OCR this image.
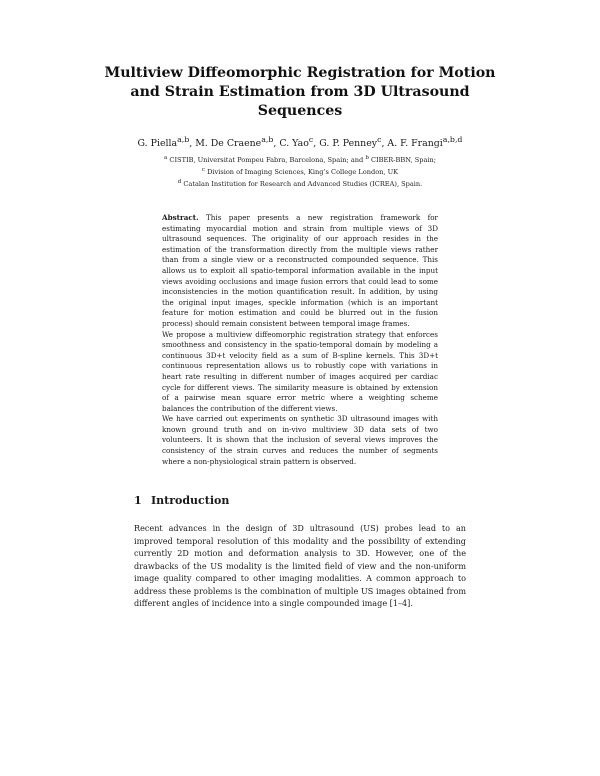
Multiview Diffeomorphic Registration for Motion and Strain Estimation from 3D Ultrasound Sequences
G. Piella$^{a,b}$, M. De Craene$^{a,b}$, C. Yao$^c$, G. P. Penney$^c$, A. F. Frangi$^{a,b,d}$
$^a$ CISTIB, Universitat Pompeu Fabra, Barcelona, Spain; and $^b$ CIBER-BBN, Spain;
$^c$ Division of Imaging Sciences, King’s College London, UK
$^d$ Catalan Institution for Research and Advanced Studies (ICREA), Spain.

Abstract. This paper presents a new registration framework for estimating myocardial motion and strain from multiple views of 3D ultrasound sequences. The originality of our approach resides in the estimation of the transformation directly from the multiple views rather than from a single view or a reconstructed compounded sequence. This allows us to exploit all spatio-temporal information available in the input views avoiding occlusions and image fusion errors that could lead to some inconsistencies in the motion quantification result. In addition, by using the original input images, speckle information (which is an important feature for motion estimation and could be blurred out in the fusion process) should remain consistent between temporal image frames.

We propose a multiview diffeomorphic registration strategy that enforces smoothness and consistency in the spatio-temporal domain by modeling a continuous 3D+t velocity field as a sum of B-spline kernels. This 3D+t continuous representation allows us to robustly cope with variations in heart rate resulting in different number of images acquired per cardiac cycle for different views. The similarity measure is obtained by extension of a pairwise mean square error metric where a weighting scheme balances the contribution of the different views.

We have carried out experiments on synthetic 3D ultrasound images with known ground truth and on in-vivo multiview 3D data sets of two volunteers. It is shown that the inclusion of several views improves the consistency of the strain curves and reduces the number of segments where a non-physiological strain pattern is observed.

1 Introduction

Recent advances in the design of 3D ultrasound (US) probes lead to an improved temporal resolution of this modality and the possibility of extending currently 2D motion and deformation analysis to 3D. However, one of the drawbacks of the US modality is the limited field of view and the non-uniform image quality compared to other imaging modalities. A common approach to address these problems is the combination of multiple US images obtained from different angles of incidence into a single compounded image [1–4].
